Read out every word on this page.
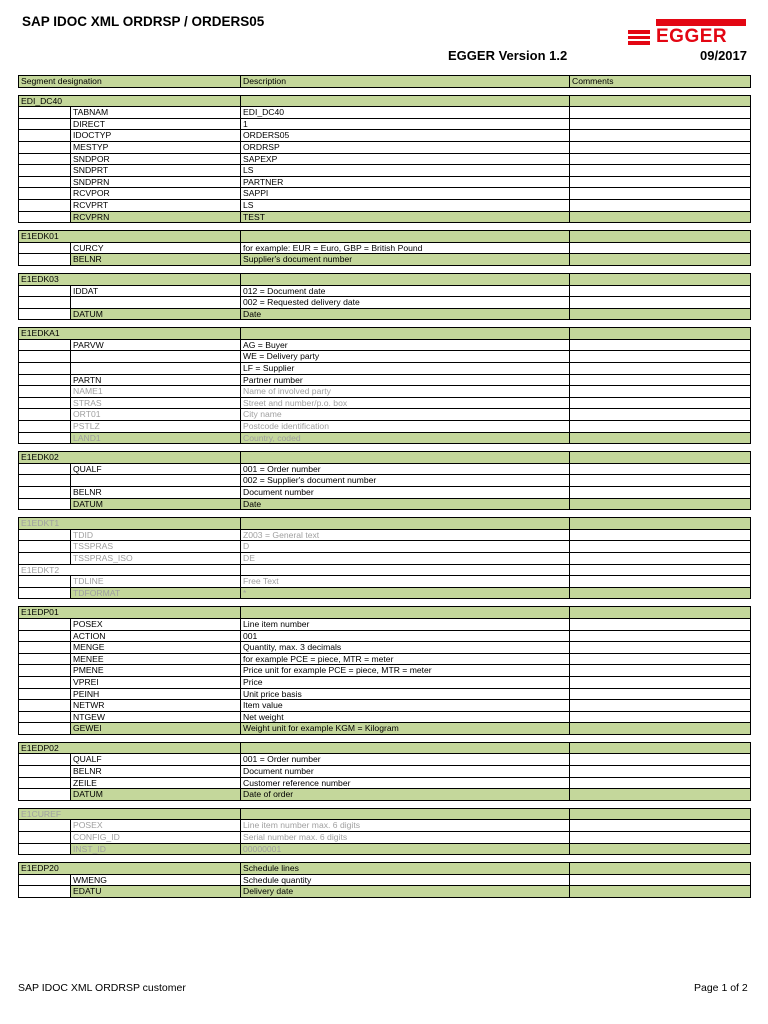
SAP IDOC XML ORDRSP / ORDERS05
EGGER
EGGER Version 1.2	09/2017
Segment designation		Description	Comments

EDI_DC40			
	TABNAM	EDI_DC40	
	DIRECT	1	
	IDOCTYP	ORDERS05	
	MESTYP	ORDRSP	
	SNDPOR	SAPEXP	
	SNDPRT	LS	
	SNDPRN	PARTNER	
	RCVPOR	SAPPI	
	RCVPRT	LS	
	RCVPRN	TEST	

E1EDK01			
	CURCY	for example: EUR = Euro, GBP = British Pound	
	BELNR	Supplier's document number	

E1EDK03			
	IDDAT	012 = Document date	
		002 = Requested delivery date	
	DATUM	Date	

E1EDKA1			
	PARVW	AG = Buyer	
		WE = Delivery party	
		LF = Supplier	
	PARTN	Partner number	
	NAME1	Name of involved party	
	STRAS	Street and number/p.o. box	
	ORT01	City name	
	PSTLZ	Postcode identification	
	LAND1	Country, coded	

E1EDK02			
	QUALF	001 = Order number	
		002 = Supplier's document number	
	BELNR	Document number	
	DATUM	Date	

E1EDKT1			
	TDID	Z003 = General text	
	TSSPRAS	D	
	TSSPRAS_ISO	DE	
E1EDKT2			
	TDLINE	Free Text	
	TDFORMAT	*	

E1EDP01			
	POSEX	Line item number	
	ACTION	001	
	MENGE	Quantity, max. 3 decimals	
	MENEE	for example PCE = piece, MTR = meter	
	PMENE	Price unit for example PCE = piece, MTR = meter	
	VPREI	Price	
	PEINH	Unit price basis	
	NETWR	Item value	
	NTGEW	Net weight	
	GEWEI	Weight unit for example KGM = Kilogram	

E1EDP02			
	QUALF	001 = Order number	
	BELNR	Document number	
	ZEILE	Customer reference number	
	DATUM	Date of order	

E1CUREF			
	POSEX	Line item number max. 6 digits	
	CONFIG_ID	Serial number max. 6 digits	
	INST_ID	00000001	

E1EDP20		Schedule lines	
	WMENG	Schedule quantity	
	EDATU	Delivery date	
SAP IDOC XML ORDRSP customer	Page 1 of 2
